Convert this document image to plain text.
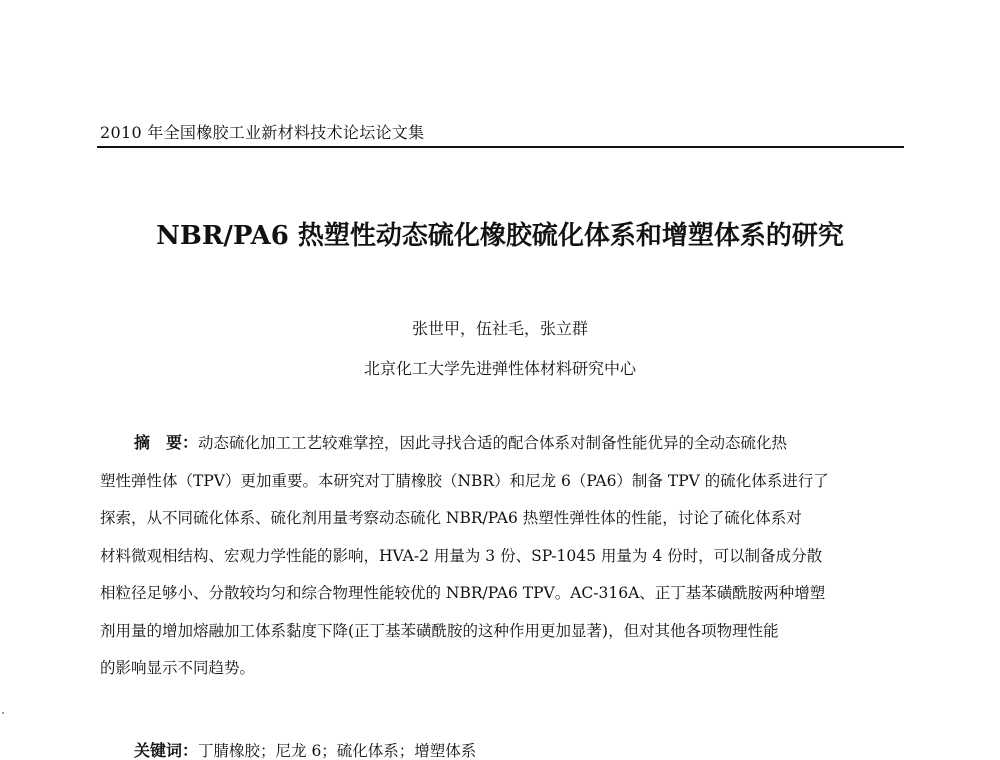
2010 年全国橡胶工业新材料技术论坛论文集
NBR/PA6 热塑性动态硫化橡胶硫化体系和增塑体系的研究
张世甲，伍社毛，张立群
北京化工大学先进弹性体材料研究中心
摘　要：动态硫化加工工艺较难掌控，因此寻找合适的配合体系对制备性能优异的全动态硫化热
塑性弹性体（TPV）更加重要。本研究对丁腈橡胶（NBR）和尼龙 6（PA6）制备 TPV 的硫化体系进行了
探索，从不同硫化体系、硫化剂用量考察动态硫化 NBR/PA6 热塑性弹性体的性能，讨论了硫化体系对
材料微观相结构、宏观力学性能的影响，HVA-2 用量为 3 份、SP-1045 用量为 4 份时，可以制备成分散
相粒径足够小、分散较均匀和综合物理性能较优的 NBR/PA6 TPV。AC-316A、正丁基苯磺酰胺两种增塑
剂用量的增加熔融加工体系黏度下降(正丁基苯磺酰胺的这种作用更加显著)，但对其他各项物理性能
的影响显示不同趋势。
关键词：丁腈橡胶；尼龙 6；硫化体系；增塑体系
